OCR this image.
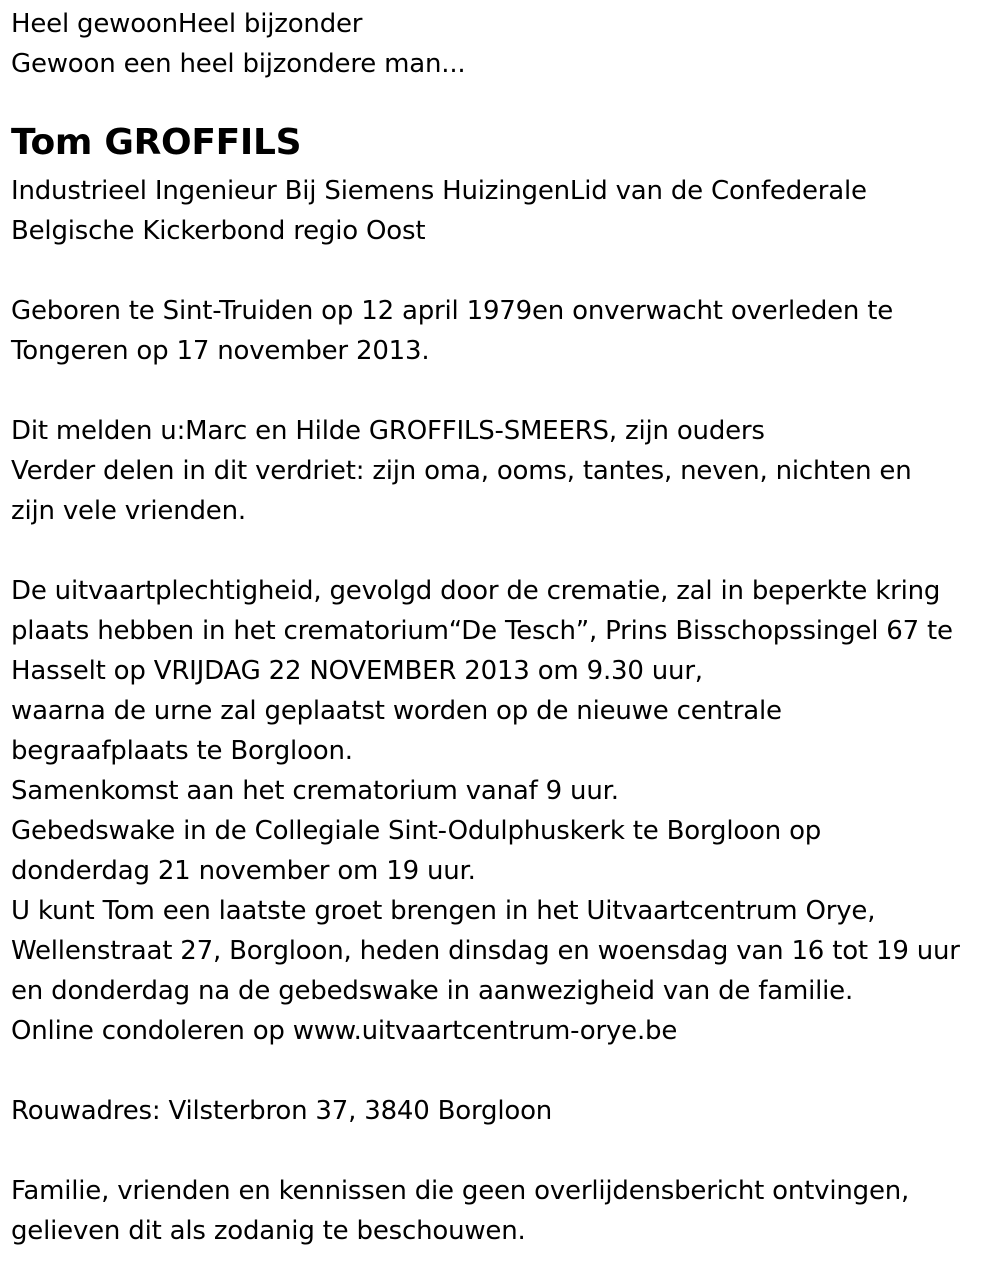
Heel gewoonHeel bijzonder
Gewoon een heel bijzondere man...
Tom GROFFILS
Industrieel Ingenieur Bij Siemens HuizingenLid van de Confederale
Belgische Kickerbond regio Oost
Geboren te Sint-Truiden op 12 april 1979en onverwacht overleden te
Tongeren op 17 november 2013.
Dit melden u:Marc en Hilde GROFFILS-SMEERS, zijn ouders
Verder delen in dit verdriet: zijn oma, ooms, tantes, neven, nichten en
zijn vele vrienden.
De uitvaartplechtigheid, gevolgd door de crematie, zal in beperkte kring
plaats hebben in het crematorium“De Tesch”, Prins Bisschopssingel 67 te
Hasselt op VRIJDAG 22 NOVEMBER 2013 om 9.30 uur,
waarna de urne zal geplaatst worden op de nieuwe centrale
begraafplaats te Borgloon.
Samenkomst aan het crematorium vanaf 9 uur.
Gebedswake in de Collegiale Sint-Odulphuskerk te Borgloon op
donderdag 21 november om 19 uur.
U kunt Tom een laatste groet brengen in het Uitvaartcentrum Orye,
Wellenstraat 27, Borgloon, heden dinsdag en woensdag van 16 tot 19 uur
en donderdag na de gebedswake in aanwezigheid van de familie.
Online condoleren op www.uitvaartcentrum-orye.be
Rouwadres: Vilsterbron 37, 3840 Borgloon
Familie, vrienden en kennissen die geen overlijdensbericht ontvingen,
gelieven dit als zodanig te beschouwen.
